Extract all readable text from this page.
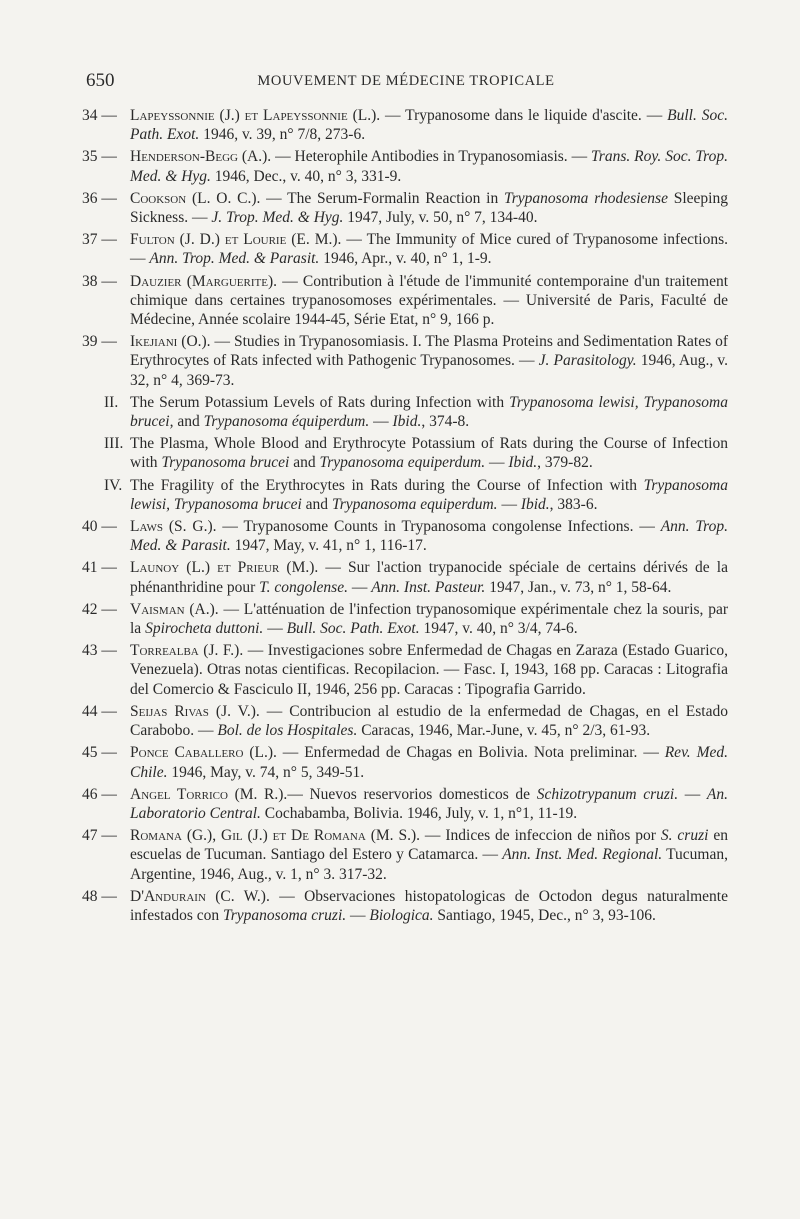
650	MOUVEMENT DE MÉDECINE TROPICALE
34 — Lapeyssonnie (J.) et Lapeyssonnie (L.). — Trypanosome dans le liquide d'ascite. — Bull. Soc. Path. Exot. 1946, v. 39, n° 7/8, 273-6.
35 — Henderson-Begg (A.). — Heterophile Antibodies in Trypanosomiasis. — Trans. Roy. Soc. Trop. Med. & Hyg. 1946, Dec., v. 40, n° 3, 331-9.
36 — Cookson (L. O. C.). — The Serum-Formalin Reaction in Trypanosoma rhodesiense Sleeping Sickness. — J. Trop. Med. & Hyg. 1947, July, v. 50, n° 7, 134-40.
37 — Fulton (J. D.) et Lourie (E. M.). — The Immunity of Mice cured of Trypanosome infections. — Ann. Trop. Med. & Parasit. 1946, Apr., v. 40, n° 1, 1-9.
38 — Dauzier (Marguerite). — Contribution à l'étude de l'immunité contemporaine d'un traitement chimique dans certaines trypanosomoses expérimentales. — Université de Paris, Faculté de Médecine, Année scolaire 1944-45, Série Etat, n° 9, 166 p.
39 — Ikejiani (O.). — Studies in Trypanosomiasis. I. The Plasma Proteins and Sedimentation Rates of Erythrocytes of Rats infected with Pathogenic Trypanosomes. — J. Parasitology. 1946, Aug., v. 32, n° 4, 369-73.
II. The Serum Potassium Levels of Rats during Infection with Trypanosoma lewisi, Trypanosoma brucei, and Trypanosoma équiperdum. — Ibid., 374-8.
III. The Plasma, Whole Blood and Erythrocyte Potassium of Rats during the Course of Infection with Trypanosoma brucei and Trypanosoma equiperdum. — Ibid., 379-82.
IV. The Fragility of the Erythrocytes in Rats during the Course of Infection with Trypanosoma lewisi, Trypanosoma brucei and Trypanosoma equiperdum. — Ibid., 383-6.
40 — Laws (S. G.). — Trypanosome Counts in Trypanosoma congolense Infections. — Ann. Trop. Med. & Parasit. 1947, May, v. 41, n° 1, 116-17.
41 — Launoy (L.) et Prieur (M.). — Sur l'action trypanocide spéciale de certains dérivés de la phénanthridine pour T. congolense. — Ann. Inst. Pasteur. 1947, Jan., v. 73, n° 1, 58-64.
42 — Vaisman (A.). — L'atténuation de l'infection trypanosomique expérimentale chez la souris, par la Spirocheta duttoni. — Bull. Soc. Path. Exot. 1947, v. 40, n° 3/4, 74-6.
43 — Torrealba (J. F.). — Investigaciones sobre Enfermedad de Chagas en Zaraza (Estado Guarico, Venezuela). Otras notas cientificas. Recopilacion. — Fasc. I, 1943, 168 pp. Caracas : Litografia del Comercio & Fasciculo II, 1946, 256 pp. Caracas : Tipografia Garrido.
44 — Seijas Rivas (J. V.). — Contribucion al estudio de la enfermedad de Chagas, en el Estado Carabobo. — Bol. de los Hospitales. Caracas, 1946, Mar.-June, v. 45, n° 2/3, 61-93.
45 — Ponce Caballero (L.). — Enfermedad de Chagas en Bolivia. Nota preliminar. — Rev. Med. Chile. 1946, May, v. 74, n° 5, 349-51.
46 — Angel Torrico (M. R.).— Nuevos reservorios domesticos de Schizotrypanum cruzi. — An. Laboratorio Central. Cochabamba, Bolivia. 1946, July, v. 1, n°1, 11-19.
47 — Romana (G.), Gil (J.) et De Romana (M. S.). — Indices de infeccion de niños por S. cruzi en escuelas de Tucuman. Santiago del Estero y Catamarca. — Ann. Inst. Med. Regional. Tucuman, Argentine, 1946, Aug., v. 1, n° 3. 317-32.
48 — D'Andurain (C. W.). — Observaciones histopatologicas de Octodon degus naturalmente infestados con Trypanosoma cruzi. — Biologica. Santiago, 1945, Dec., n° 3, 93-106.
